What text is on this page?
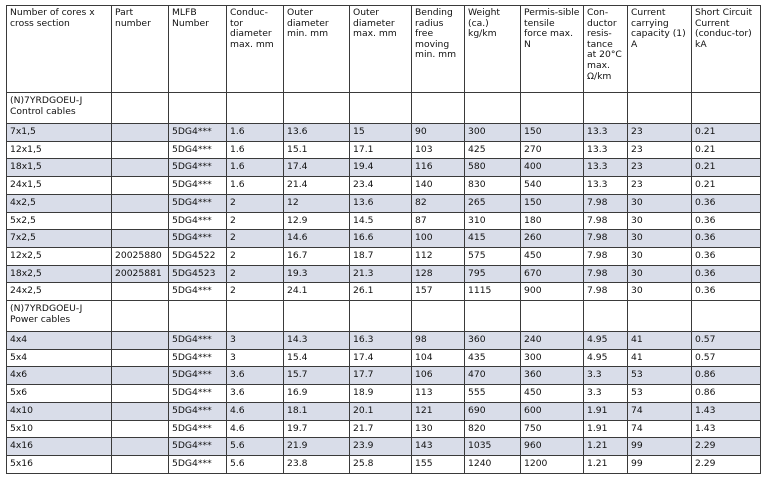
Number of cores x cross section	Part number	MLFB Number	Conduc-tor diameter max. mm	Outer diameter min. mm	Outer diameter max. mm	Bending radius free moving min. mm	Weight (ca.) kg/km	Permis-sible tensile force max. N	Con-ductor resis-tance at 20°C max. Ω/km	Current carrying capacity (1) A	Short Circuit Current (conduc-tor) kA
(N)7YRDGOEU-J Control cables											
7x1,5		5DG4***	1.6	13.6	15	90	300	150	13.3	23	0.21
12x1,5		5DG4***	1.6	15.1	17.1	103	425	270	13.3	23	0.21
18x1,5		5DG4***	1.6	17.4	19.4	116	580	400	13.3	23	0.21
24x1,5		5DG4***	1.6	21.4	23.4	140	830	540	13.3	23	0.21
4x2,5		5DG4***	2	12	13.6	82	265	150	7.98	30	0.36
5x2,5		5DG4***	2	12.9	14.5	87	310	180	7.98	30	0.36
7x2,5		5DG4***	2	14.6	16.6	100	415	260	7.98	30	0.36
12x2,5	20025880	5DG4522	2	16.7	18.7	112	575	450	7.98	30	0.36
18x2,5	20025881	5DG4523	2	19.3	21.3	128	795	670	7.98	30	0.36
24x2,5		5DG4***	2	24.1	26.1	157	1115	900	7.98	30	0.36
(N)7YRDGOEU-J Power cables											
4x4		5DG4***	3	14.3	16.3	98	360	240	4.95	41	0.57
5x4		5DG4***	3	15.4	17.4	104	435	300	4.95	41	0.57
4x6		5DG4***	3.6	15.7	17.7	106	470	360	3.3	53	0.86
5x6		5DG4***	3.6	16.9	18.9	113	555	450	3.3	53	0.86
4x10		5DG4***	4.6	18.1	20.1	121	690	600	1.91	74	1.43
5x10		5DG4***	4.6	19.7	21.7	130	820	750	1.91	74	1.43
4x16		5DG4***	5.6	21.9	23.9	143	1035	960	1.21	99	2.29
5x16		5DG4***	5.6	23.8	25.8	155	1240	1200	1.21	99	2.29
